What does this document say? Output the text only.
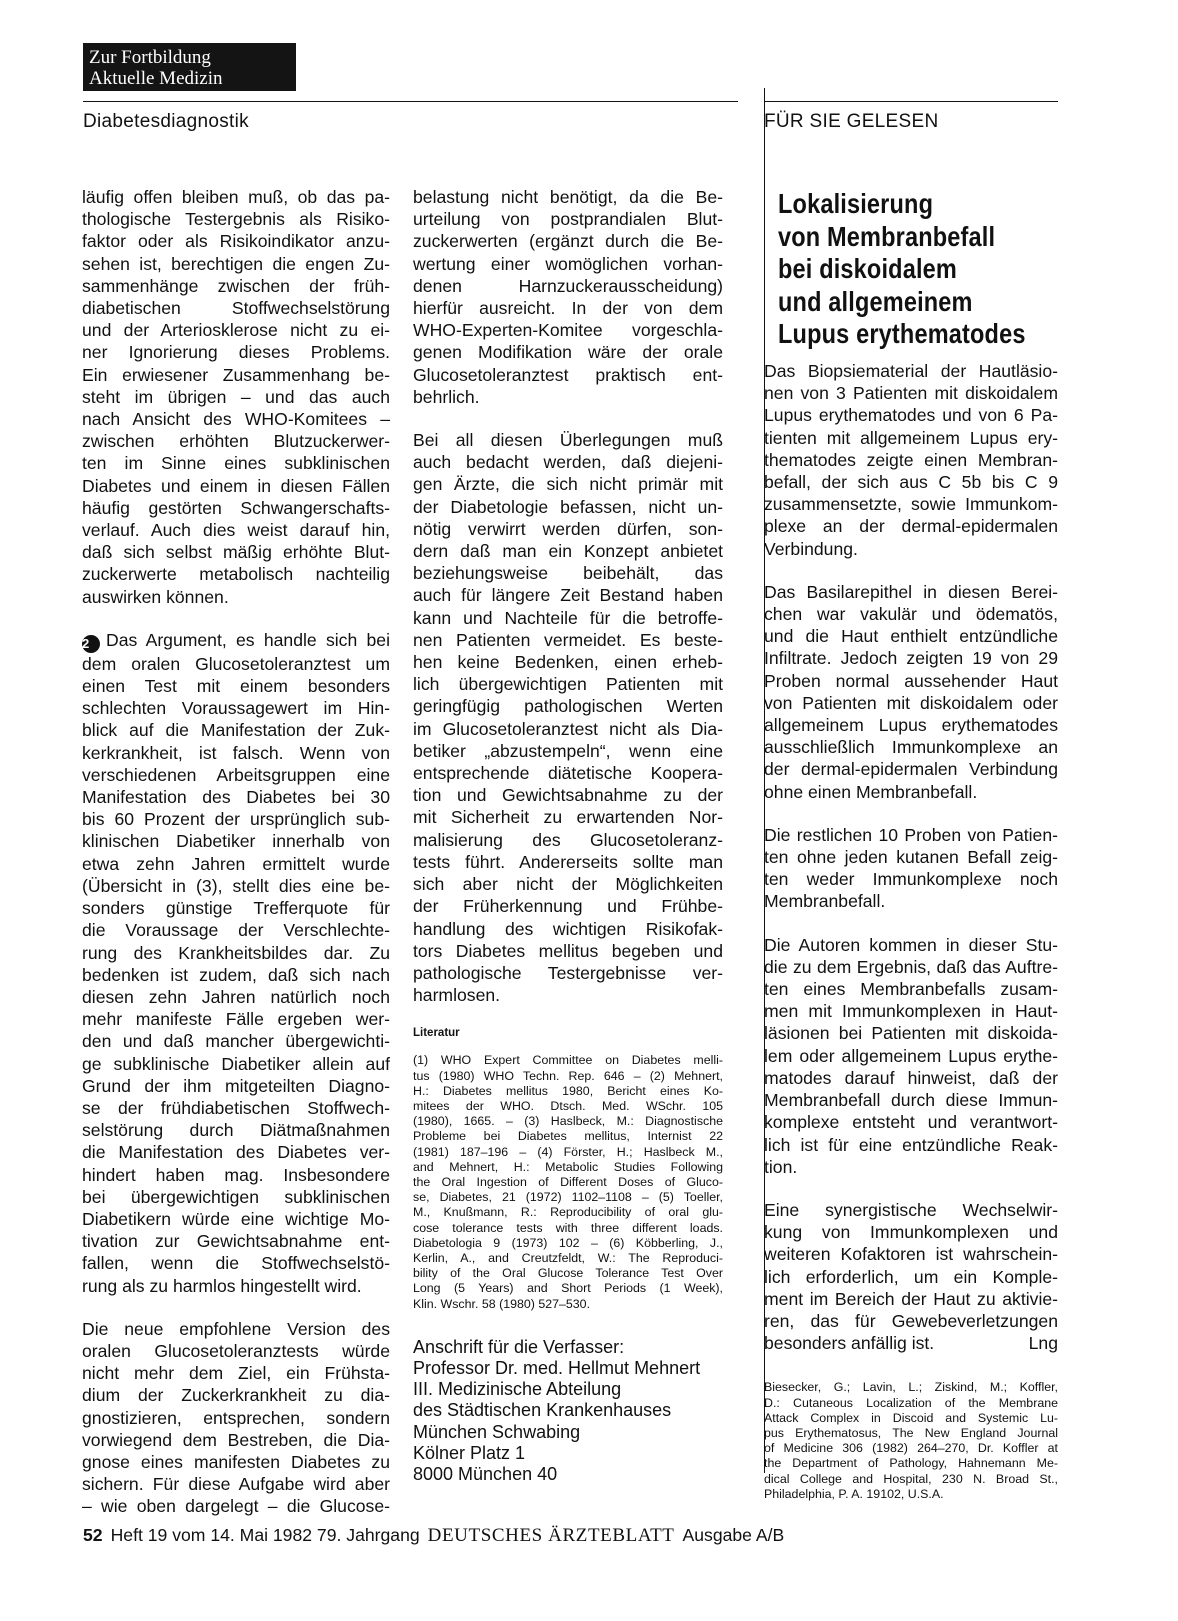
Zur Fortbildung
Aktuelle Medizin
Diabetesdiagnostik	FÜR SIE GELESEN
läufig offen bleiben muß, ob das pa-
thologische Testergebnis als Risiko-
faktor oder als Risikoindikator anzu-
sehen ist, berechtigen die engen Zu-
sammenhänge zwischen der früh-
diabetischen Stoffwechselstörung
und der Arteriosklerose nicht zu ei-
ner Ignorierung dieses Problems.
Ein erwiesener Zusammenhang be-
steht im übrigen – und das auch
nach Ansicht des WHO-Komitees –
zwischen erhöhten Blutzuckerwer-
ten im Sinne eines subklinischen
Diabetes und einem in diesen Fällen
häufig gestörten Schwangerschafts-
verlauf. Auch dies weist darauf hin,
daß sich selbst mäßig erhöhte Blut-
zuckerwerte metabolisch nachteilig
auswirken können.
2 Das Argument, es handle sich bei
dem oralen Glucosetoleranztest um
einen Test mit einem besonders
schlechten Voraussagewert im Hin-
blick auf die Manifestation der Zuk-
kerkrankheit, ist falsch. Wenn von
verschiedenen Arbeitsgruppen eine
Manifestation des Diabetes bei 30
bis 60 Prozent der ursprünglich sub-
klinischen Diabetiker innerhalb von
etwa zehn Jahren ermittelt wurde
(Übersicht in (3), stellt dies eine be-
sonders günstige Trefferquote für
die Voraussage der Verschlechte-
rung des Krankheitsbildes dar. Zu
bedenken ist zudem, daß sich nach
diesen zehn Jahren natürlich noch
mehr manifeste Fälle ergeben wer-
den und daß mancher übergewichti-
ge subklinische Diabetiker allein auf
Grund der ihm mitgeteilten Diagno-
se der frühdiabetischen Stoffwech-
selstörung durch Diätmaßnahmen
die Manifestation des Diabetes ver-
hindert haben mag. Insbesondere
bei übergewichtigen subklinischen
Diabetikern würde eine wichtige Mo-
tivation zur Gewichtsabnahme ent-
fallen, wenn die Stoffwechselstö-
rung als zu harmlos hingestellt wird.
Die neue empfohlene Version des
oralen Glucosetoleranztests würde
nicht mehr dem Ziel, ein Frühsta-
dium der Zuckerkrankheit zu dia-
gnostizieren, entsprechen, sondern
vorwiegend dem Bestreben, die Dia-
gnose eines manifesten Diabetes zu
sichern. Für diese Aufgabe wird aber
– wie oben dargelegt – die Glucose-
belastung nicht benötigt, da die Be-
urteilung von postprandialen Blut-
zuckerwerten (ergänzt durch die Be-
wertung einer womöglichen vorhan-
denen Harnzuckerausscheidung)
hierfür ausreicht. In der von dem
WHO-Experten-Komitee vorgeschla-
genen Modifikation wäre der orale
Glucosetoleranztest praktisch ent-
behrlich.
Bei all diesen Überlegungen muß
auch bedacht werden, daß diejeni-
gen Ärzte, die sich nicht primär mit
der Diabetologie befassen, nicht un-
nötig verwirrt werden dürfen, son-
dern daß man ein Konzept anbietet
beziehungsweise beibehält, das
auch für längere Zeit Bestand haben
kann und Nachteile für die betroffe-
nen Patienten vermeidet. Es beste-
hen keine Bedenken, einen erheb-
lich übergewichtigen Patienten mit
geringfügig pathologischen Werten
im Glucosetoleranztest nicht als Dia-
betiker „abzustempeln“, wenn eine
entsprechende diätetische Koopera-
tion und Gewichtsabnahme zu der
mit Sicherheit zu erwartenden Nor-
malisierung des Glucosetoleranz-
tests führt. Andererseits sollte man
sich aber nicht der Möglichkeiten
der Früherkennung und Frühbe-
handlung des wichtigen Risikofak-
tors Diabetes mellitus begeben und
pathologische Testergebnisse ver-
harmlosen.
Literatur
(1) WHO Expert Committee on Diabetes melli-
tus (1980) WHO Techn. Rep. 646 – (2) Mehnert,
H.: Diabetes mellitus 1980, Bericht eines Ko-
mitees der WHO. Dtsch. Med. WSchr. 105
(1980), 1665. – (3) Haslbeck, M.: Diagnostische
Probleme bei Diabetes mellitus, Internist 22
(1981) 187–196 – (4) Förster, H.; Haslbeck M.,
and Mehnert, H.: Metabolic Studies Following
the Oral Ingestion of Different Doses of Gluco-
se, Diabetes, 21 (1972) 1102–1108 – (5) Toeller,
M., Knußmann, R.: Reproducibility of oral glu-
cose tolerance tests with three different loads.
Diabetologia 9 (1973) 102 – (6) Köbberling, J.,
Kerlin, A., and Creutzfeldt, W.: The Reproduci-
bility of the Oral Glucose Tolerance Test Over
Long (5 Years) and Short Periods (1 Week),
Klin. Wschr. 58 (1980) 527–530.
Anschrift für die Verfasser:
Professor Dr. med. Hellmut Mehnert
III. Medizinische Abteilung
des Städtischen Krankenhauses
München Schwabing
Kölner Platz 1
8000 München 40
Lokalisierung
von Membranbefall
bei diskoidalem
und allgemeinem
Lupus erythematodes
Das Biopsiematerial der Hautläsio-
nen von 3 Patienten mit diskoidalem
Lupus erythematodes und von 6 Pa-
tienten mit allgemeinem Lupus ery-
thematodes zeigte einen Membran-
befall, der sich aus C 5b bis C 9
zusammensetzte, sowie Immunkom-
plexe an der dermal-epidermalen
Verbindung.
Das Basilarepithel in diesen Berei-
chen war vakulär und ödematös,
und die Haut enthielt entzündliche
Infiltrate. Jedoch zeigten 19 von 29
Proben normal aussehender Haut
von Patienten mit diskoidalem oder
allgemeinem Lupus erythematodes
ausschließlich Immunkomplexe an
der dermal-epidermalen Verbindung
ohne einen Membranbefall.
Die restlichen 10 Proben von Patien-
ten ohne jeden kutanen Befall zeig-
ten weder Immunkomplexe noch
Membranbefall.
Die Autoren kommen in dieser Stu-
die zu dem Ergebnis, daß das Auftre-
ten eines Membranbefalls zusam-
men mit Immunkomplexen in Haut-
läsionen bei Patienten mit diskoida-
lem oder allgemeinem Lupus erythe-
matodes darauf hinweist, daß der
Membranbefall durch diese Immun-
komplexe entsteht und verantwort-
lich ist für eine entzündliche Reak-
tion.
Eine synergistische Wechselwir-
kung von Immunkomplexen und
weiteren Kofaktoren ist wahrschein-
lich erforderlich, um ein Komple-
ment im Bereich der Haut zu aktivie-
ren, das für Gewebeverletzungen
besonders anfällig ist.	Lng
Biesecker, G.; Lavin, L.; Ziskind, M.; Koffler,
D.: Cutaneous Localization of the Membrane
Attack Complex in Discoid and Systemic Lu-
pus Erythematosus, The New England Journal
of Medicine 306 (1982) 264–270, Dr. Koffler at
the Department of Pathology, Hahnemann Me-
dical College and Hospital, 230 N. Broad St.,
Philadelphia, P. A. 19102, U.S.A.
52 Heft 19 vom 14. Mai 1982 79. Jahrgang DEUTSCHES ÄRZTEBLATT Ausgabe A/B
